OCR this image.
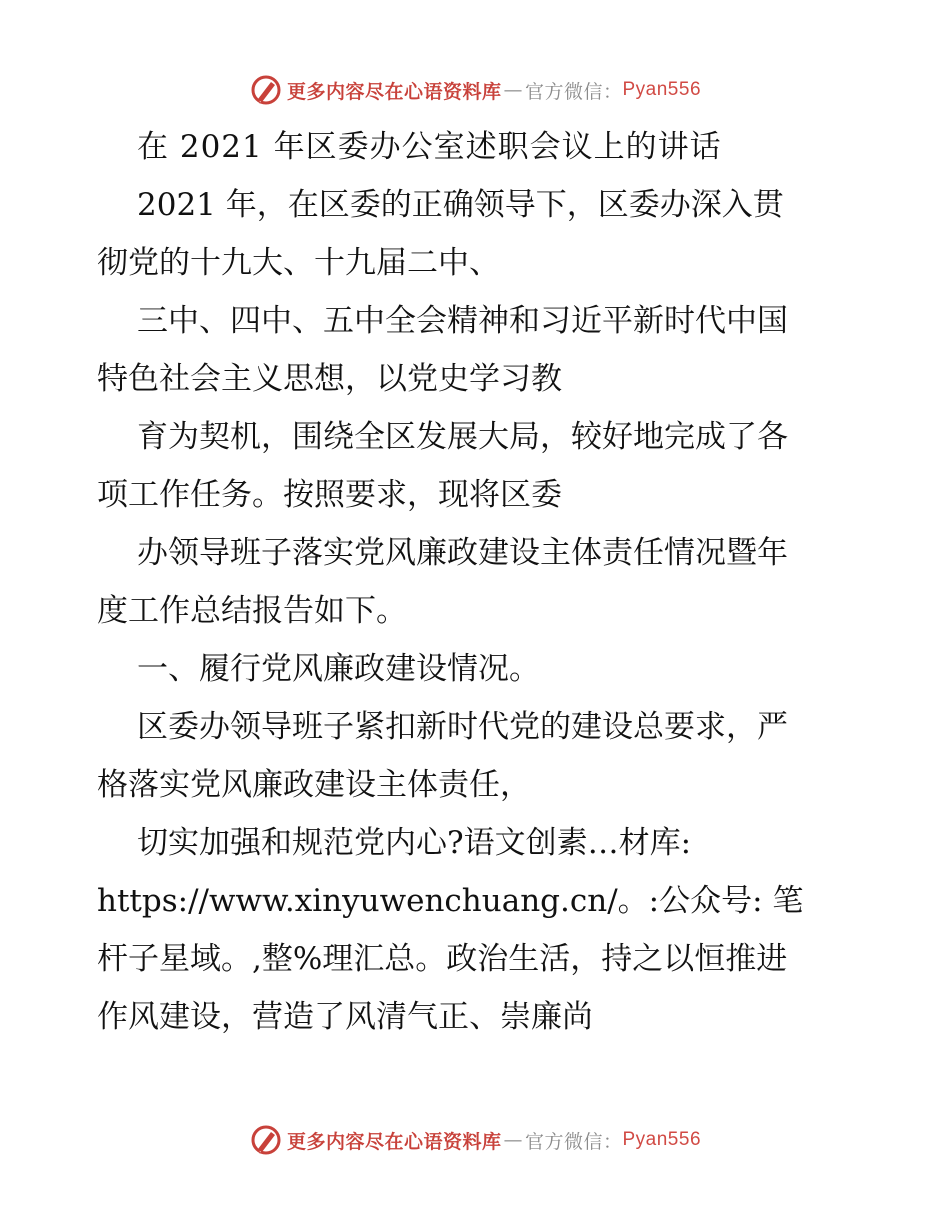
更多内容尽在心语资料库 — 官方微信： Pyan556
在 2021 年区委办公室述职会议上的讲话
2021 年，在区委的正确领导下，区委办深入贯
彻党的十九大、十九届二中、
三中、四中、五中全会精神和习近平新时代中国
特色社会主义思想，以党史学习教
育为契机，围绕全区发展大局，较好地完成了各
项工作任务。按照要求，现将区委
办领导班子落实党风廉政建设主体责任情况暨年
度工作总结报告如下。
一、履行党风廉政建设情况。
区委办领导班子紧扣新时代党的建设总要求，严
格落实党风廉政建设主体责任，
切实加强和规范党内心?语文创素…材库:
https://www.xinyuwenchuang.cn/。:公众号: 笔
杆子星域。,整%理汇总。政治生活，持之以恒推进
作风建设，营造了风清气正、崇廉尚
更多内容尽在心语资料库 — 官方微信： Pyan556
